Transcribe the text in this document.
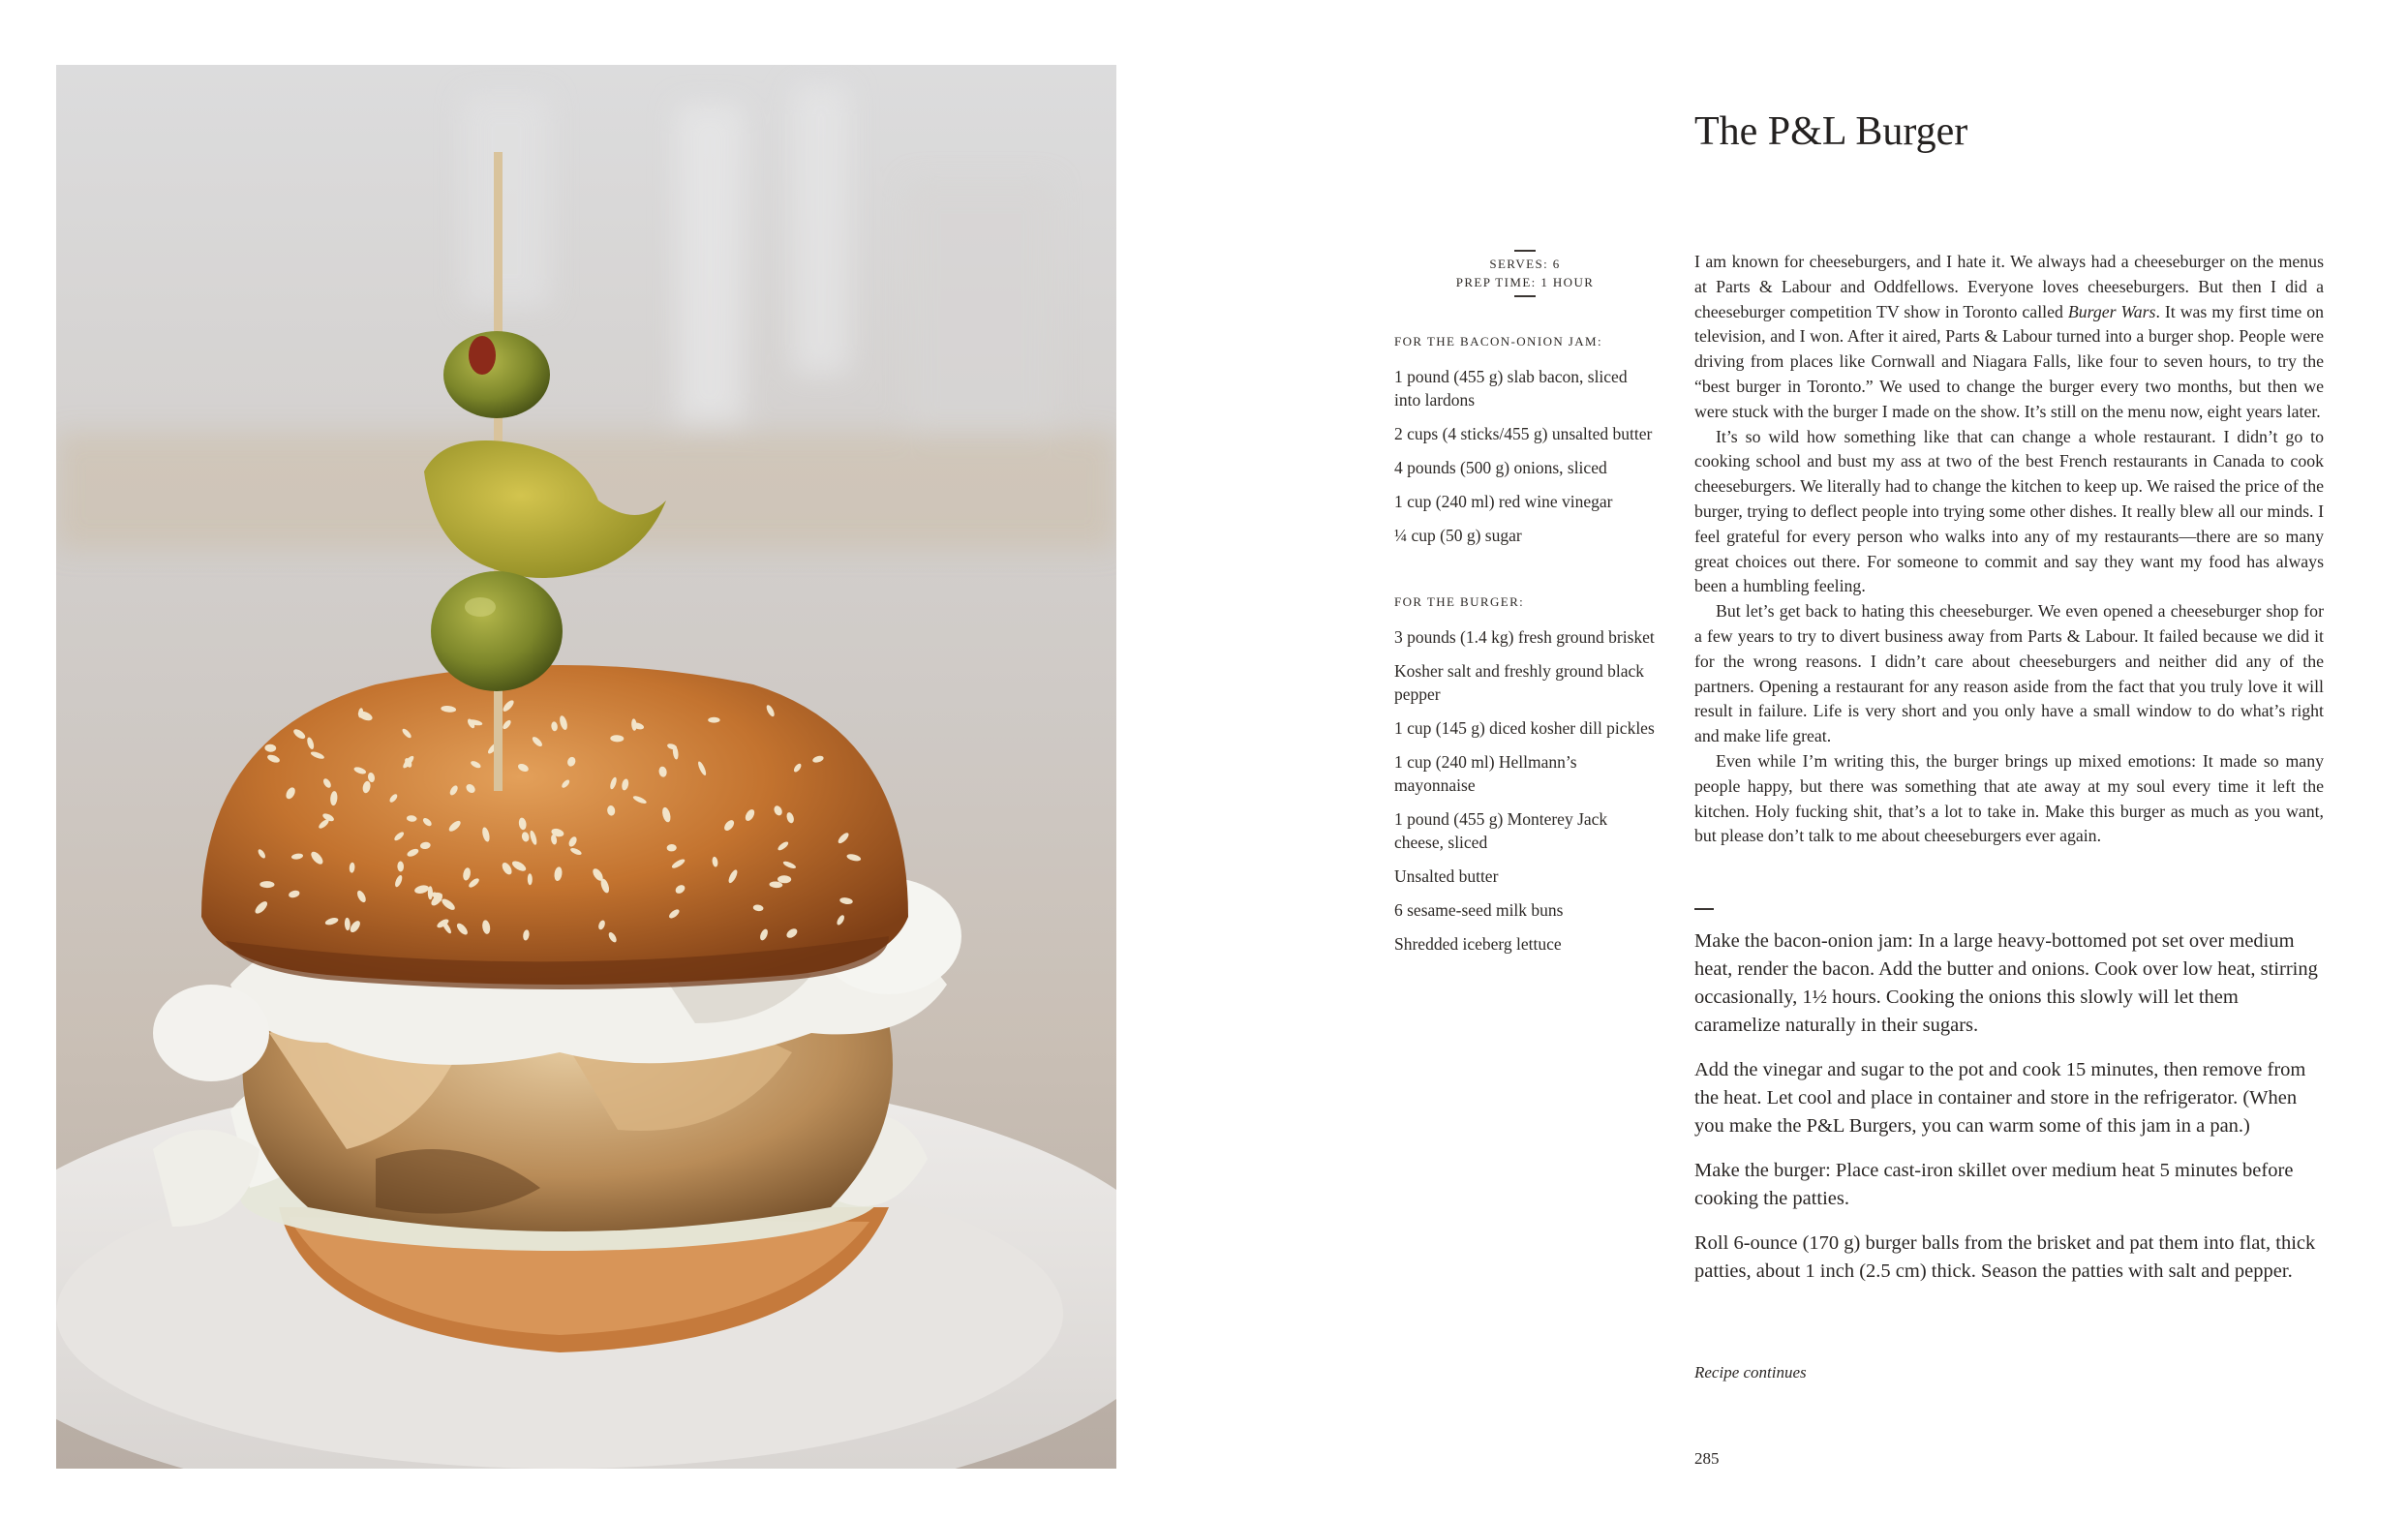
SERVES: 6

PREP TIME: 1 HOUR

FOR THE BACON-ONION JAM:

1 pound (455 g) slab bacon, sliced into lardons
2 cups (4 sticks/455 g) unsalted butter
4 pounds (500 g) onions, sliced
1 cup (240 ml) red wine vinegar
¼ cup (50 g) sugar

FOR THE BURGER:

3 pounds (1.4 kg) fresh ground brisket
Kosher salt and freshly ground black pepper
1 cup (145 g) diced kosher dill pickles
1 cup (240 ml) Hellmann’s mayonnaise
1 pound (455 g) Monterey Jack cheese, sliced
Unsalted butter
6 sesame-seed milk buns
Shredded iceberg lettuce
The P&L Burger

I am known for cheeseburgers, and I hate it. We always had a cheeseburger on the menus at Parts & Labour and Oddfellows. Everyone loves cheeseburgers. But then I did a cheeseburger competition TV show in Toronto called Burger Wars. It was my first time on television, and I won. After it aired, Parts & Labour turned into a burger shop. People were driving from places like Cornwall and Niagara Falls, like four to seven hours, to try the “best burger in Toronto.” We used to change the burger every two months, but then we were stuck with the burger I made on the show. It’s still on the menu now, eight years later.

It’s so wild how something like that can change a whole restaurant. I didn’t go to cooking school and bust my ass at two of the best French restaurants in Canada to cook cheeseburgers. We literally had to change the kitchen to keep up. We raised the price of the burger, trying to deflect people into trying some other dishes. It really blew all our minds. I feel grateful for every person who walks into any of my restaurants—there are so many great choices out there. For someone to commit and say they want my food has always been a humbling feeling.

But let’s get back to hating this cheeseburger. We even opened a cheeseburger shop for a few years to try to divert business away from Parts & Labour. It failed because we did it for the wrong reasons. I didn’t care about cheeseburgers and neither did any of the partners. Opening a restaurant for any reason aside from the fact that you truly love it will result in failure. Life is very short and you only have a small window to do what’s right and make life great.

Even while I’m writing this, the burger brings up mixed emotions: It made so many people happy, but there was something that ate away at my soul every time it left the kitchen. Holy fucking shit, that’s a lot to take in. Make this burger as much as you want, but please don’t talk to me about cheeseburgers ever again.

Make the bacon-onion jam: In a large heavy-bottomed pot set over medium heat, render the bacon. Add the butter and onions. Cook over low heat, stirring occasionally, 1½ hours. Cooking the onions this slowly will let them caramelize naturally in their sugars.

Add the vinegar and sugar to the pot and cook 15 minutes, then remove from the heat. Let cool and place in container and store in the refrigerator. (When you make the P&L Burgers, you can warm some of this jam in a pan.)

Make the burger: Place cast-iron skillet over medium heat 5 minutes before cooking the patties.

Roll 6-ounce (170 g) burger balls from the brisket and pat them into flat, thick patties, about 1 inch (2.5 cm) thick. Season the patties with salt and pepper.

Recipe continues

285
